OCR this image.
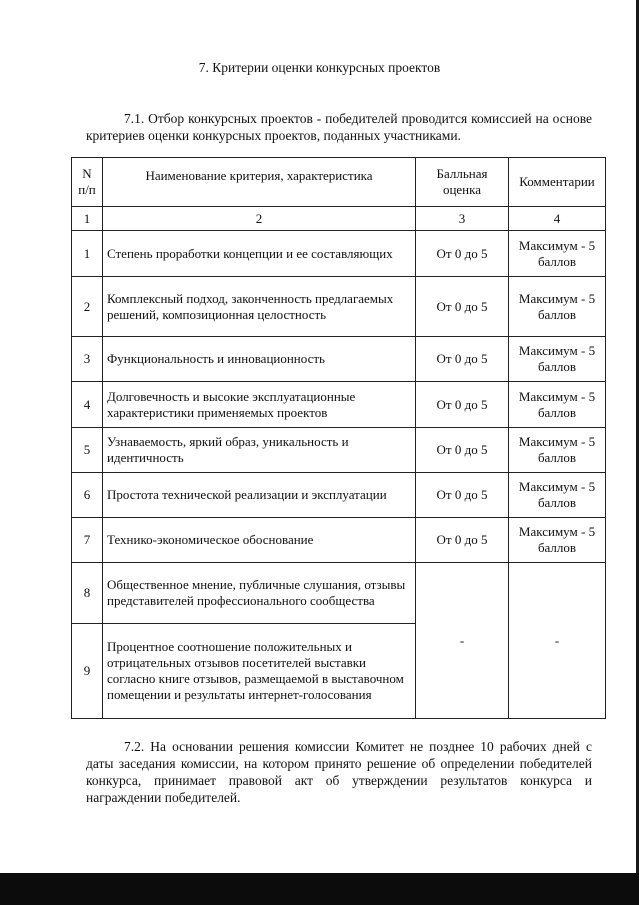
7. Критерии оценки конкурсных проектов
7.1. Отбор конкурсных проектов - победителей проводится комиссией на основе критериев оценки конкурсных проектов, поданных участниками.
N п/п	Наименование критерия, характеристика	Балльная оценка	Комментарии
1	2	3	4
1	Степень проработки концепции и ее составляющих	От 0 до 5	Максимум - 5 баллов
2	Комплексный подход, законченность предлагаемых решений, композиционная целостность	От 0 до 5	Максимум - 5 баллов
3	Функциональность и инновационность	От 0 до 5	Максимум - 5 баллов
4	Долговечность и высокие эксплуатационные характеристики применяемых проектов	От 0 до 5	Максимум - 5 баллов
5	Узнаваемость, яркий образ, уникальность и идентичность	От 0 до 5	Максимум - 5 баллов
6	Простота технической реализации и эксплуатации	От 0 до 5	Максимум - 5 баллов
7	Технико-экономическое обоснование	От 0 до 5	Максимум - 5 баллов
8	Общественное мнение, публичные слушания, отзывы представителей профессионального сообщества	-	-
9	Процентное соотношение положительных и отрицательных отзывов посетителей выставки согласно книге отзывов, размещаемой в выставочном помещении и результаты интернет-голосования		
7.2. На основании решения комиссии Комитет не позднее 10 рабочих дней с даты заседания комиссии, на котором принято решение об определении победителей конкурса, принимает правовой акт об утверждении результатов конкурса и награждении победителей.
